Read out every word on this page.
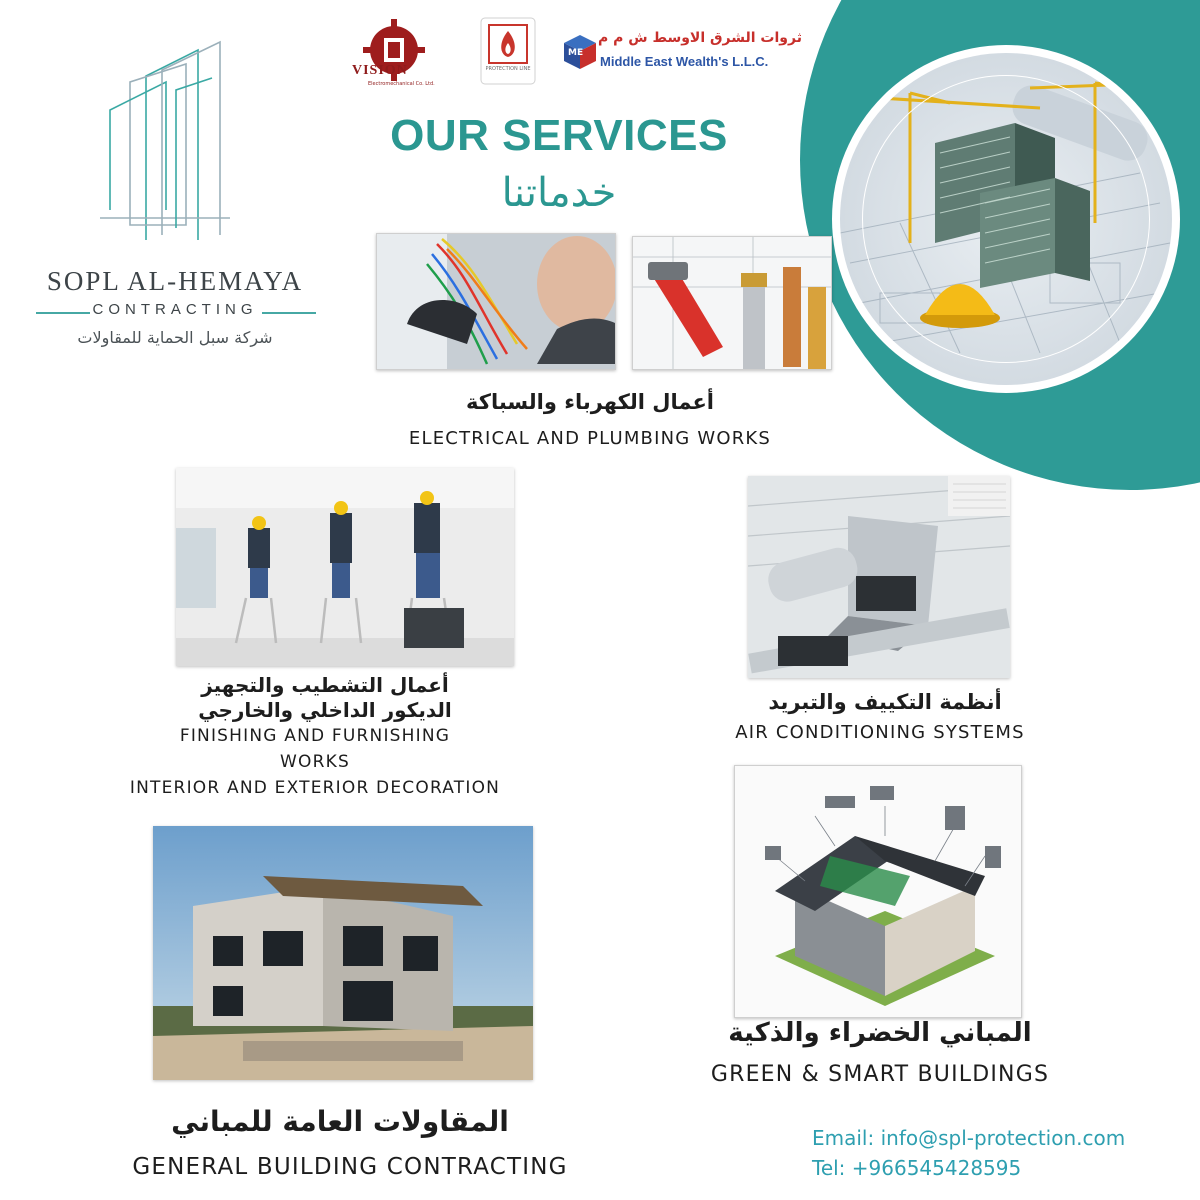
SOPL AL-HEMAYA
CONTRACTING
شركة سبل الحماية للمقاولات
VISION
Electromechanical Co. Ltd.
PROTECTION LINE
ME
ثروات الشرق الاوسط ش م م
Middle East Wealth's L.L.C.
OUR SERVICES
خدماتنا
أعمال الكهرباء والسباكة
ELECTRICAL AND PLUMBING WORKS
أعمال التشطيب والتجهيز
الديكور الداخلي والخارجي
FINISHING AND FURNISHING
WORKS
INTERIOR AND EXTERIOR DECORATION
أنظمة التكييف والتبريد
AIR CONDITIONING SYSTEMS
المباني الخضراء والذكية
GREEN & SMART BUILDINGS
المقاولات العامة للمباني
GENERAL BUILDING CONTRACTING
Email: info@spl-protection.com
Tel: +966545428595
